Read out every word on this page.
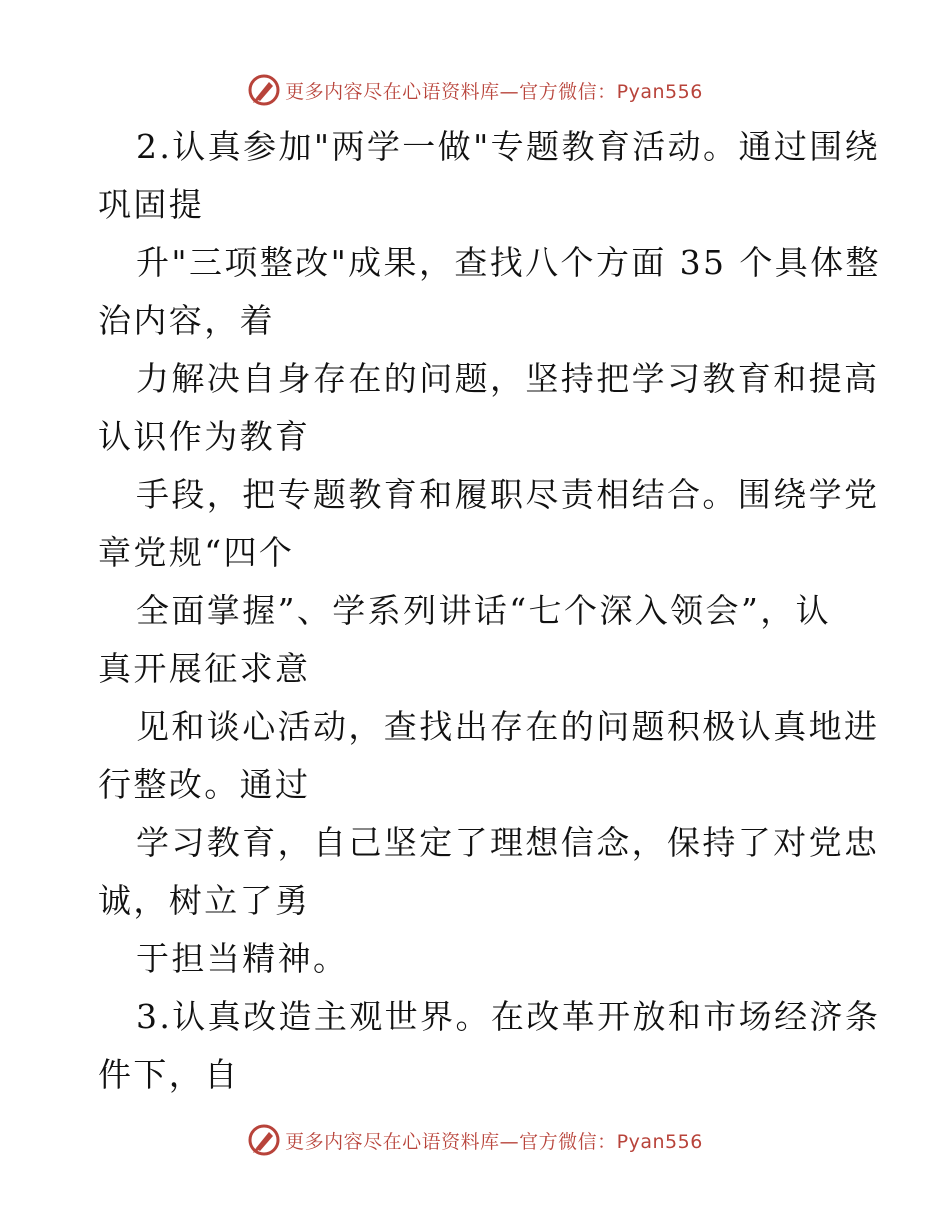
更多内容尽在心语资料库—官方微信：Pyan556

2.认真参加"两学一做"专题教育活动。通过围绕

巩固提

升"三项整改"成果，查找八个方面 35 个具体整

治内容，着

力解决自身存在的问题，坚持把学习教育和提高

认识作为教育

手段，把专题教育和履职尽责相结合。围绕学党

章党规“四个

全面掌握”、学系列讲话“七个深入领会”，认

真开展征求意

见和谈心活动，查找出存在的问题积极认真地进

行整改。通过

学习教育，自己坚定了理想信念，保持了对党忠

诚，树立了勇

于担当精神。

3.认真改造主观世界。在改革开放和市场经济条

件下，自

更多内容尽在心语资料库—官方微信：Pyan556
